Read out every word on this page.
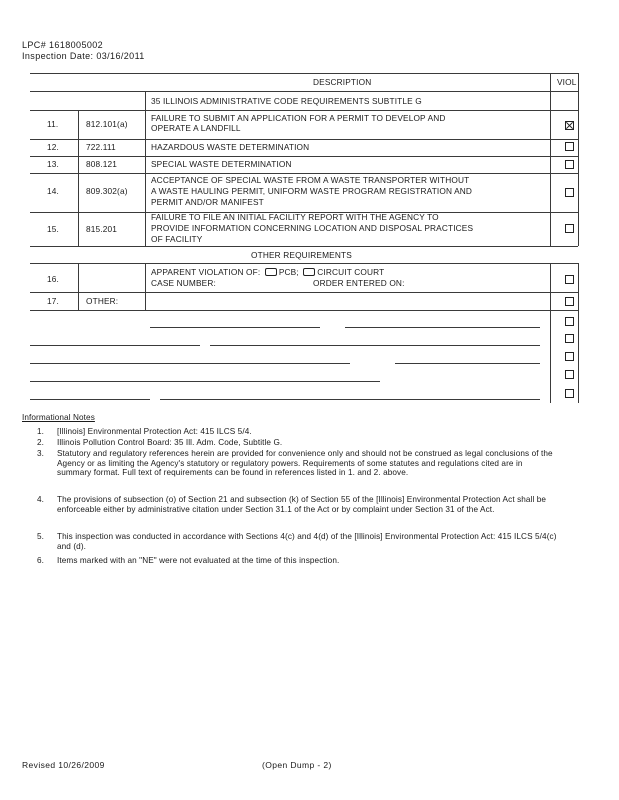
LPC# 1618005002
Inspection Date: 03/16/2011
DESCRIPTION	VIOL
35 ILLINOIS ADMINISTRATIVE CODE REQUIREMENTS SUBTITLE G
11.	812.101(a)
FAILURE TO SUBMIT AN APPLICATION FOR A PERMIT TO DEVELOP AND
OPERATE A LANDFILL
12.	722.111	HAZARDOUS WASTE DETERMINATION
13.	808.121	SPECIAL WASTE DETERMINATION
14.	809.302(a)
ACCEPTANCE OF SPECIAL WASTE FROM A WASTE TRANSPORTER WITHOUT
A WASTE HAULING PERMIT, UNIFORM WASTE PROGRAM REGISTRATION AND
PERMIT AND/OR MANIFEST
15.	815.201
FAILURE TO FILE AN INITIAL FACILITY REPORT WITH THE AGENCY TO
PROVIDE INFORMATION CONCERNING LOCATION AND DISPOSAL PRACTICES
OF FACILITY
OTHER REQUIREMENTS
16.
APPARENT VIOLATION OF: PCB; CIRCUIT COURT
CASE NUMBER:	ORDER ENTERED ON:
17.	OTHER:
Informational Notes
1. [Illinois] Environmental Protection Act: 415 ILCS 5/4.
2. Illinois Pollution Control Board: 35 Ill. Adm. Code, Subtitle G.
3. Statutory and regulatory references herein are provided for convenience only and should not be construed as legal conclusions of the Agency or as limiting the Agency's statutory or regulatory powers. Requirements of some statutes and regulations cited are in summary format. Full text of requirements can be found in references listed in 1. and 2. above.
4. The provisions of subsection (o) of Section 21 and subsection (k) of Section 55 of the [Illinois] Environmental Protection Act shall be enforceable either by administrative citation under Section 31.1 of the Act or by complaint under Section 31 of the Act.
5. This inspection was conducted in accordance with Sections 4(c) and 4(d) of the [Illinois] Environmental Protection Act: 415 ILCS 5/4(c) and (d).
6. Items marked with an "NE" were not evaluated at the time of this inspection.
Revised 10/26/2009	(Open Dump - 2)
